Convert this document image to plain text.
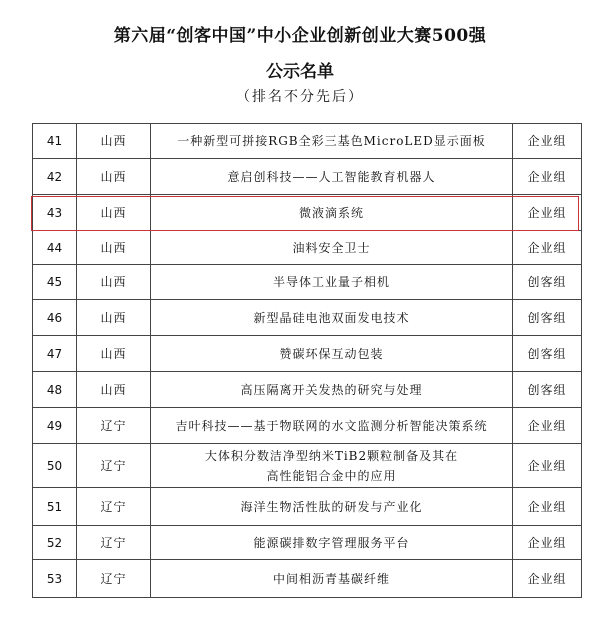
第六届“创客中国”中小企业创新创业大赛500强
公示名单
（排名不分先后）
41	山西	一种新型可拼接RGB全彩三基色MicroLED显示面板	企业组
42	山西	意启创科技——人工智能教育机器人	企业组
43	山西	微液滴系统	企业组
44	山西	油料安全卫士	企业组
45	山西	半导体工业量子相机	创客组
46	山西	新型晶硅电池双面发电技术	创客组
47	山西	赞碳环保互动包装	创客组
48	山西	高压隔离开关发热的研究与处理	创客组
49	辽宁	吉叶科技——基于物联网的水文监测分析智能决策系统	企业组
50	辽宁	大体积分数洁净型纳米TiB2颗粒制备及其在
高性能铝合金中的应用	企业组
51	辽宁	海洋生物活性肽的研发与产业化	企业组
52	辽宁	能源碳排数字管理服务平台	企业组
53	辽宁	中间相沥青基碳纤维	企业组
